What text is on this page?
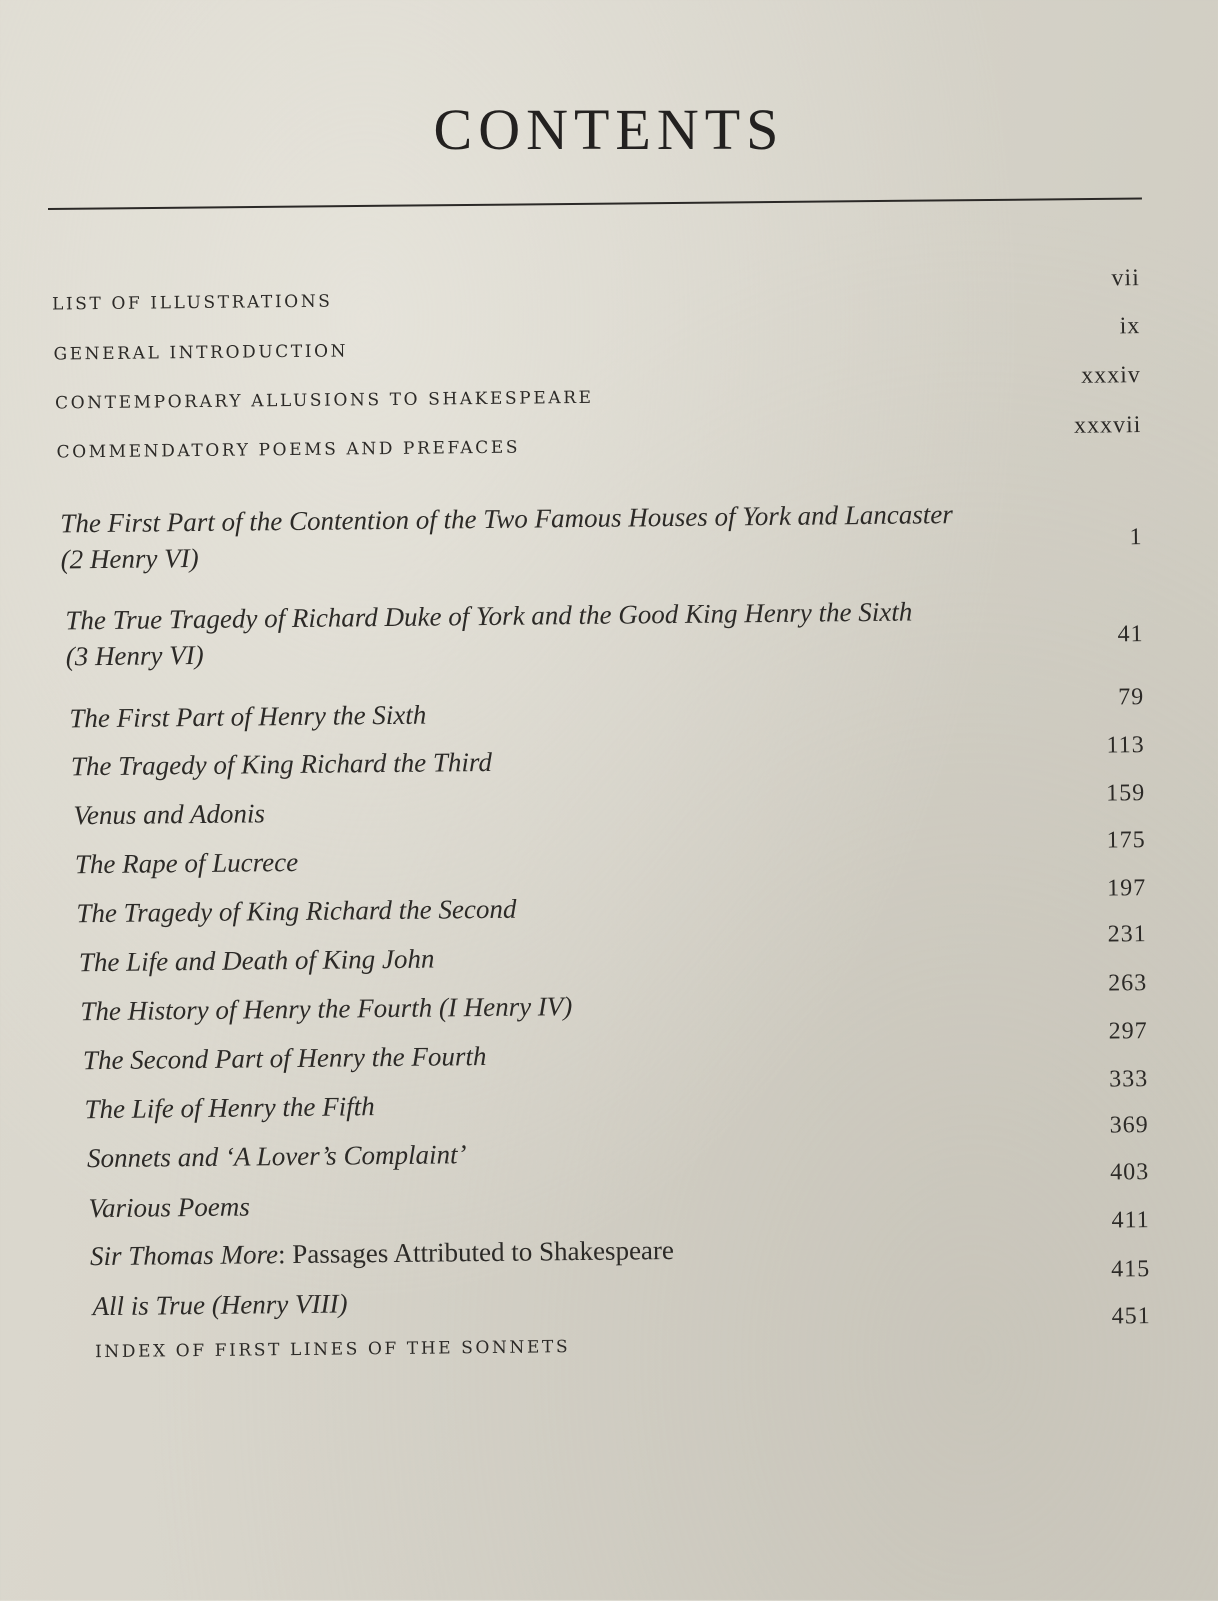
CONTENTS
LIST OF ILLUSTRATIONS
vii
GENERAL INTRODUCTION
ix
CONTEMPORARY ALLUSIONS TO SHAKESPEARE
xxxiv
COMMENDATORY POEMS AND PREFACES
xxxvii
The First Part of the Contention of the Two Famous Houses of York and Lancaster
(2 Henry VI)
1
The True Tragedy of Richard Duke of York and the Good King Henry the Sixth
(3 Henry VI)
41
The First Part of Henry the Sixth
79
The Tragedy of King Richard the Third
113
Venus and Adonis
159
The Rape of Lucrece
175
The Tragedy of King Richard the Second
197
The Life and Death of King John
231
The History of Henry the Fourth (I Henry IV)
263
The Second Part of Henry the Fourth
297
The Life of Henry the Fifth
333
Sonnets and ‘A Lover’s Complaint’
369
Various Poems
403
Sir Thomas More: Passages Attributed to Shakespeare
411
All is True (Henry VIII)
415
INDEX OF FIRST LINES OF THE SONNETS
451
